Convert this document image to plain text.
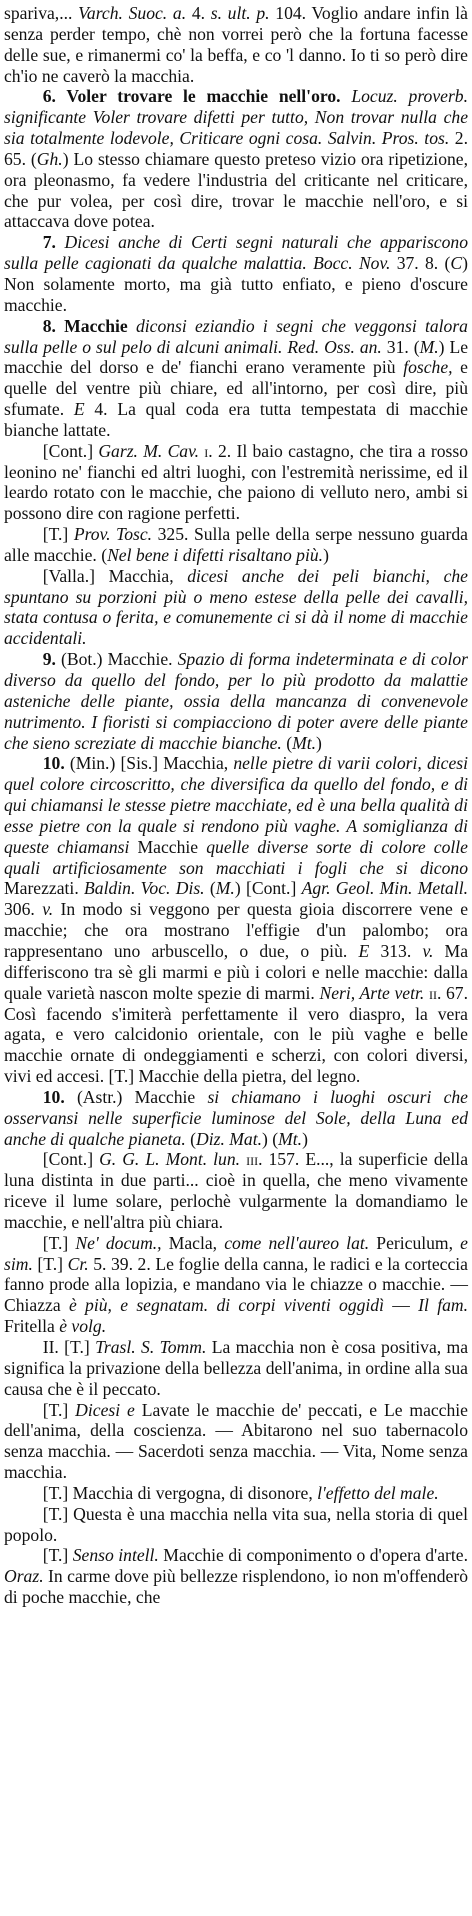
spariva,... Varch. Suoc. a. 4. s. ult. p. 104. Voglio andare infin là senza perder tempo, chè non vorrei però che la fortuna facesse delle sue, e rimanermi co' la beffa, e co 'l danno. Io ti so però dire ch'io ne caverò la macchia.

6. Voler trovare le macchie nell'oro. Locuz. proverb. significante Voler trovare difetti per tutto, Non trovar nulla che sia totalmente lodevole, Criticare ogni cosa. Salvin. Pros. tos. 2. 65. (Gh.) Lo stesso chiamare questo preteso vizio ora ripetizione, ora pleonasmo, fa vedere l'industria del criticante nel criticare, che pur volea, per così dire, trovar le macchie nell'oro, e si attaccava dove potea.

7. Dicesi anche di Certi segni naturali che appariscono sulla pelle cagionati da qualche malattia. Bocc. Nov. 37. 8. (C) Non solamente morto, ma già tutto enfiato, e pieno d'oscure macchie.

8. Macchie diconsi eziandio i segni che veggonsi talora sulla pelle o sul pelo di alcuni animali. Red. Oss. an. 31. (M.) Le macchie del dorso e de' fianchi erano veramente più fosche, e quelle del ventre più chiare, ed all'intorno, per così dire, più sfumate. E 4. La qual coda era tutta tempestata di macchie bianche lattate.

[Cont.] Garz. M. Cav. i. 2. Il baio castagno, che tira a rosso leonino ne' fianchi ed altri luoghi, con l'estremità nerissime, ed il leardo rotato con le macchie, che paiono di velluto nero, ambi si possono dire con ragione perfetti.

[T.] Prov. Tosc. 325. Sulla pelle della serpe nessuno guarda alle macchie. (Nel bene i difetti risaltano più.)

[Valla.] Macchia, dicesi anche dei peli bianchi, che spuntano su porzioni più o meno estese della pelle dei cavalli, stata contusa o ferita, e comunemente ci si dà il nome di macchie accidentali.

9. (Bot.) Macchie. Spazio di forma indeterminata e di color diverso da quello del fondo, per lo più prodotto da malattie asteniche delle piante, ossia della mancanza di convenevole nutrimento. I fioristi si compiacciono di poter avere delle piante che sieno screziate di macchie bianche. (Mt.)

10. (Min.) [Sis.] Macchia, nelle pietre di varii colori, dicesi quel colore circoscritto, che diversifica da quello del fondo, e di qui chiamansi le stesse pietre macchiate, ed è una bella qualità di esse pietre con la quale si rendono più vaghe. A somiglianza di queste chiamansi Macchie quelle diverse sorte di colore colle quali artificiosamente son macchiati i fogli che si dicono Marezzati. Baldin. Voc. Dis. (M.) [Cont.] Agr. Geol. Min. Metall. 306. v. In modo si veggono per questa gioia discorrere vene e macchie; che ora mostrano l'effigie d'un palombo; ora rappresentano uno arbuscello, o due, o più. E 313. v. Ma differiscono tra sè gli marmi e più i colori e nelle macchie: dalla quale varietà nascon molte spezie di marmi. Neri, Arte vetr. ii. 67. Così facendo s'imiterà perfettamente il vero diaspro, la vera agata, e vero calcidonio orientale, con le più vaghe e belle macchie ornate di ondeggiamenti e scherzi, con colori diversi, vivi ed accesi. [T.] Macchie della pietra, del legno.

10. (Astr.) Macchie si chiamano i luoghi oscuri che osservansi nelle superficie luminose del Sole, della Luna ed anche di qualche pianeta. (Diz. Mat.) (Mt.)

[Cont.] G. G. L. Mont. lun. iii. 157. E..., la superficie della luna distinta in due parti... cioè in quella, che meno vivamente riceve il lume solare, perlochè vulgarmente la domandiamo le macchie, e nell'altra più chiara.

[T.] Ne' docum., Macla, come nell'aureo lat. Periculum, e sim. [T.] Cr. 5. 39. 2. Le foglie della canna, le radici e la corteccia fanno prode alla lopizia, e mandano via le chiazze o macchie. — Chiazza è più, e segnatam. di corpi viventi oggidì — Il fam. Fritella è volg.

II. [T.] Trasl. S. Tomm. La macchia non è cosa positiva, ma significa la privazione della bellezza dell'anima, in ordine alla sua causa che è il peccato.

[T.] Dicesi e Lavate le macchie de' peccati, e Le macchie dell'anima, della coscienza. — Abitarono nel suo tabernacolo senza macchia. — Sacerdoti senza macchia. — Vita, Nome senza macchia.

[T.] Macchia di vergogna, di disonore, l'effetto del male.

[T.] Questa è una macchia nella vita sua, nella storia di quel popolo.

[T.] Senso intell. Macchie di componimento o d'opera d'arte. Oraz. In carme dove più bellezze risplendono, io non m'offenderò di poche macchie, che
